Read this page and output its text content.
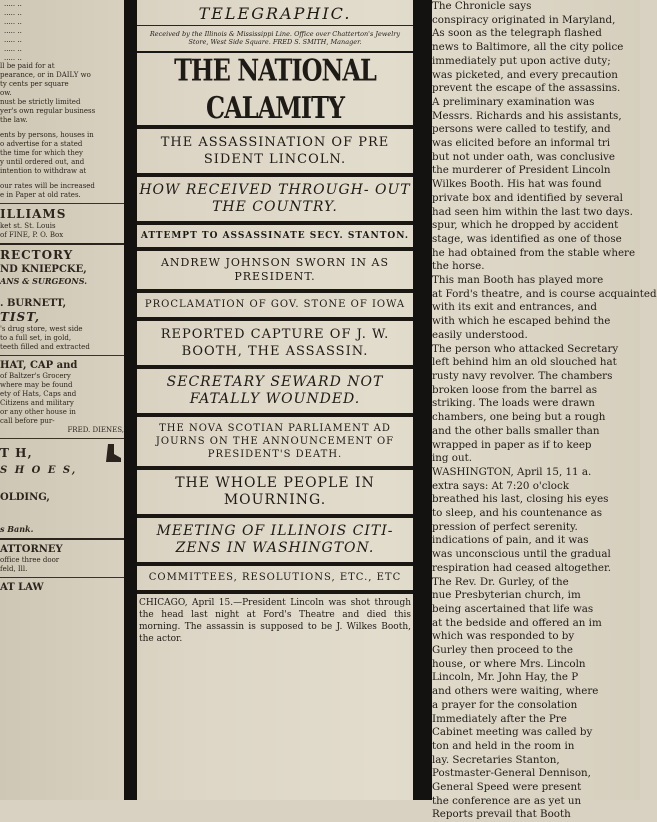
..... ..
..... ..
..... ..
..... ..
..... ..
..... ..
..... ..
ll be paid for at
pearance, or in DAILY wo
ty cents per square
ow.
nust be strictly limited
yer's own regular business
the law.
ents by persons, houses in
o advertise for a stated
the time for which they
y until ordered out, and
intention to withdraw at
our rates will be increased
e in Paper at old rates.
ILLIAMS
ket st. St. Louis
of FINE, P. O. Box
RECTORY
ND KNIEPCKE,
ANS & SURGEONS.
. BURNETT,
TIST,
's drug store, west side
to a full set, in gold,
teeth filled and extracted
HAT, CAP and
of Baltzer's Grocery
where may be found
ety of Hats, Caps and
Citizens and military
or any other house in
call before pur-
FRED. DIENES,
T H,
S H O E S,
OLDING,
s Bank.
ATTORNEY
office three door
feld, Ill.
AT LAW
TELEGRAPHIC.
Received by the Illinois & Mississippi Line. Office over Chatterton's Jewelry Store, West Side Square. FRED S. SMITH, Manager.
THE NATIONAL CALAMITY
THE ASSASSINATION OF PRE SIDENT LINCOLN.
HOW RECEIVED THROUGH- OUT THE COUNTRY.
ATTEMPT TO ASSASSINATE SECY. STANTON.
ANDREW JOHNSON SWORN IN AS PRESIDENT.
PROCLAMATION OF GOV. STONE OF IOWA
REPORTED CAPTURE OF J. W. BOOTH, THE ASSASSIN.
SECRETARY SEWARD NOT FATALLY WOUNDED.
THE NOVA SCOTIAN PARLIAMENT AD JOURNS ON THE ANNOUNCEMENT OF PRESIDENT'S DEATH.
THE WHOLE PEOPLE IN MOURNING.
MEETING OF ILLINOIS CITI- ZENS IN WASHINGTON.
COMMITTEES, RESOLUTIONS, ETC., ETC
CHICAGO, April 15.—President Lincoln was shot through the head last night at Ford's Theatre and died this morning. The assassin is supposed to be J. Wilkes Booth, the actor.
The Chronicle says
conspiracy originated in Maryland,
As soon as the telegraph flashed
news to Baltimore, all the city police
immediately put upon active duty;
was picketed, and every precaution
prevent the escape of the assassins.
A preliminary examination was
Messrs. Richards and his assistants,
persons were called to testify, and
was elicited before an informal tri
but not under oath, was conclusive
the murderer of President Lincoln
Wilkes Booth. His hat was found
private box and identified by several
had seen him within the last two days.
spur, which he dropped by accident
stage, was identified as one of those
he had obtained from the stable where
the horse.
This man Booth has played more
at Ford's theatre, and is course acquainted
with its exit and entrances, and
with which he escaped behind the
easily understood.
The person who attacked Secretary
left behind him an old slouched hat
rusty navy revolver. The chambers
broken loose from the barrel as
striking. The loads were drawn
chambers, one being but a rough
and the other balls smaller than
wrapped in paper as if to keep
ing out.
WASHINGTON, April 15, 11 a.
extra says: At 7:20 o'clock
breathed his last, closing his eyes
to sleep, and his countenance as
pression of perfect serenity.
indications of pain, and it was
was unconscious until the gradual
respiration had ceased altogether.
The Rev. Dr. Gurley, of the
nue Presbyterian church, im
being ascertained that life was
at the bedside and offered an im
which was responded to by
Gurley then proceed to the
house, or where Mrs. Lincoln
Lincoln, Mr. John Hay, the P
and others were waiting, where
a prayer for the consolation
Immediately after the Pre
Cabinet meeting was called by
ton and held in the room in
lay. Secretaries Stanton,
Postmaster-General Dennison,
General Speed were present
the conference are as yet un
Reports prevail that Booth
